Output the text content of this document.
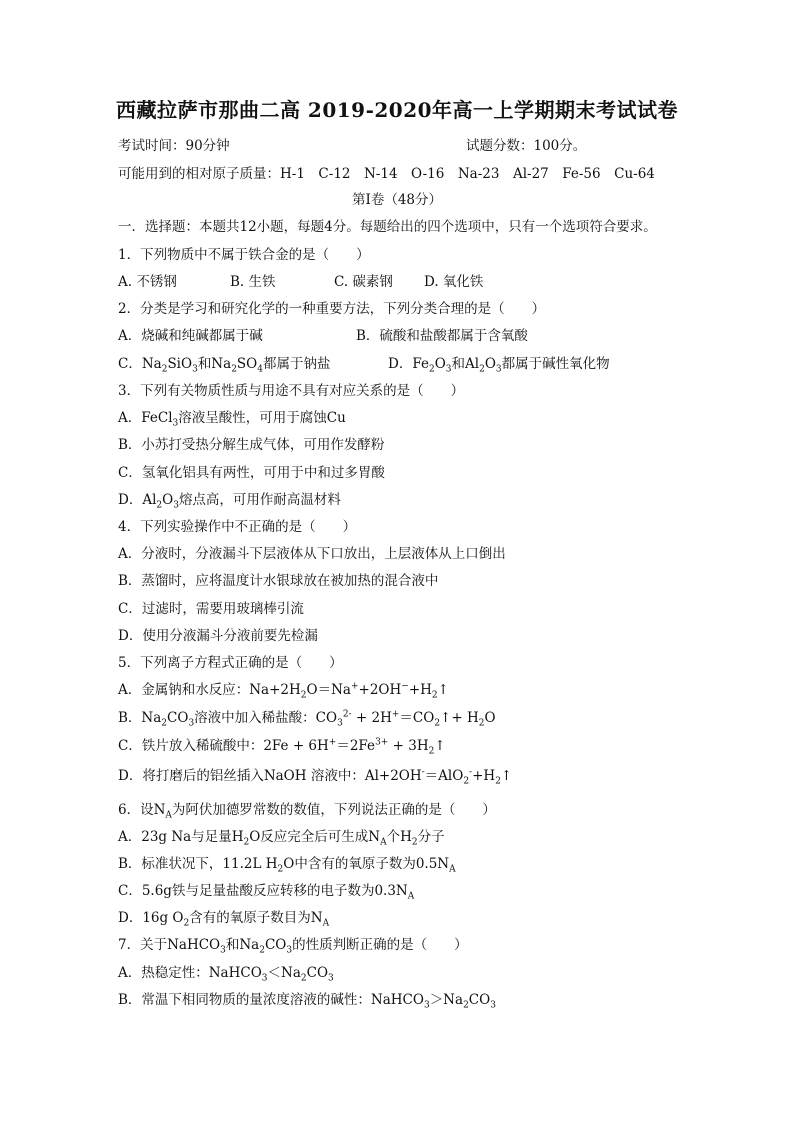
西藏拉萨市那曲二高 2019-2020年高一上学期期末考试试卷
考试时间：90分钟	试题分数：100分。
可能用到的相对原子质量：H-1　C-12　N-14　O-16　Na-23　Al-27　Fe-56　Cu-64
第Ⅰ卷（48分）
一．选择题：本题共12小题，每题4分。每题给出的四个选项中，只有一个选项符合要求。
1．下列物质中不属于铁合金的是（　　）
A. 不锈钢	B. 生铁	C. 碳素钢 D. 氧化铁
2．分类是学习和研究化学的一种重要方法，下列分类合理的是（　　）
A．烧碱和纯碱都属于碱	B．硫酸和盐酸都属于含氧酸
C．$Na_2SiO_3$和$Na_2SO_4$都属于钠盐	D．$Fe_2O_3$和$Al_2O_3$都属于碱性氧化物
3．下列有关物质性质与用途不具有对应关系的是（　　）
A．FeCl$_3$溶液呈酸性，可用于腐蚀Cu
B．小苏打受热分解生成气体，可用作发酵粉
C．氢氧化铝具有两性，可用于中和过多胃酸
D．$Al_2O_3$熔点高，可用作耐高温材料
4．下列实验操作中不正确的是（　　）
A．分液时，分液漏斗下层液体从下口放出，上层液体从上口倒出
B．蒸馏时，应将温度计水银球放在被加热的混合液中
C．过滤时，需要用玻璃棒引流
D．使用分液漏斗分液前要先检漏
5．下列离子方程式正确的是（　　）
A．金属钠和水反应：$Na+2H_2O=Na^++2OH^-+H_2↑$
B．$Na_2CO_3$溶液中加入稀盐酸：$CO_3^{2-}$ + $2H^+=CO_2↑+ H_2O$
C．铁片放入稀硫酸中：$2Fe + 6H^+=2Fe^{3+}$ + $3H_2↑$
D．将打磨后的铝丝插入NaOH 溶液中：$Al+2OH^-=AlO_2^-+H_2↑$
6．设$N_A$为阿伏加德罗常数的数值，下列说法正确的是（　　）
A．23g Na与足量$H_2O$反应完全后可生成$N_A$个$H_2$分子
B．标准状况下，11.2L $H_2O$中含有的氧原子数为$0.5N_A$
C．5.6g铁与足量盐酸反应转移的电子数为$0.3N_A$
D．16g $O_2$含有的氧原子数目为$N_A$
7．关于NaHCO$_3$和$Na_2CO_3$的性质判断正确的是（　　）
A．热稳定性：$NaHCO_3<Na_2CO_3$
B．常温下相同物质的量浓度溶液的碱性：$NaHCO_3>Na_2CO_3$
